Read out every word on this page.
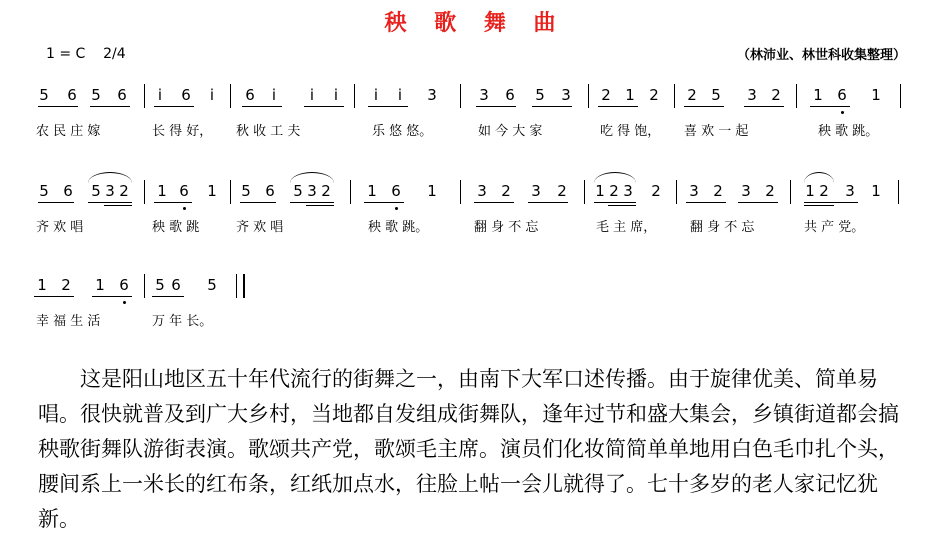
秧 歌 舞 曲
1 = C 2/4	（林沛业、林世科收集整理）
5 6 5 6 i 6 i 6 i i i i i 3	3 6 5 3 2 1 2 2 5 3 2 1 6 1
农 民 庄 嫁	长 得 好， 秋 收 工 夫	乐 悠 悠。	如 今 大 家	吃 得 饱， 喜 欢 一 起	秧 歌 跳。
5 6 5 3 2 1 6 1 5 6 5 3 2 1 6 1	3 2 3 2 1 2 3 2 3 2 3 2 1 2 3 1
齐 欢 唱	秧 歌 跳	齐 欢 唱	秧 歌 跳。	翻 身 不 忘	毛 主 席，	翻 身 不 忘	共 产 党。
1 2 1 6 5 6 5
幸 福 生 活	万 年 长。
这是阳山地区五十年代流行的街舞之一，由南下大军口述传播。由于旋律优美、简单易唱。很快就普及到广大乡村，当地都自发组成街舞队，逢年过节和盛大集会，乡镇街道都会搞秧歌街舞队游街表演。歌颂共产党，歌颂毛主席。演员们化妆简简单单地用白色毛巾扎个头，腰间系上一米长的红布条，红纸加点水，往脸上帖一会儿就得了。七十多岁的老人家记忆犹新。
